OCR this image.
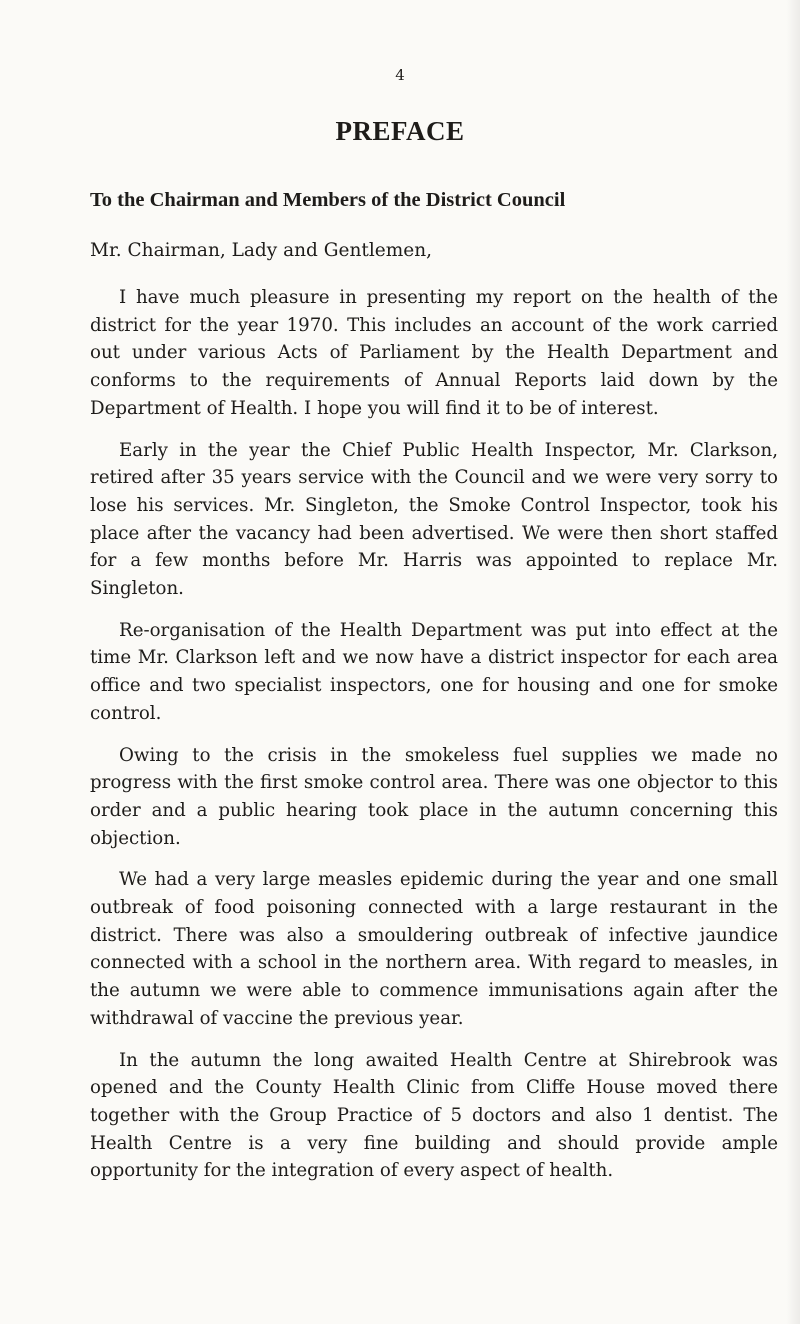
4
PREFACE

To the Chairman and Members of the District Council

Mr. Chairman, Lady and Gentlemen,

I have much pleasure in presenting my report on the health of the district for the year 1970. This includes an account of the work carried out under various Acts of Parliament by the Health Department and conforms to the requirements of Annual Reports laid down by the Department of Health. I hope you will find it to be of interest.

Early in the year the Chief Public Health Inspector, Mr. Clarkson, retired after 35 years service with the Council and we were very sorry to lose his services. Mr. Singleton, the Smoke Control Inspector, took his place after the vacancy had been advertised. We were then short staffed for a few months before Mr. Harris was appointed to replace Mr. Singleton.

Re-organisation of the Health Department was put into effect at the time Mr. Clarkson left and we now have a district inspector for each area office and two specialist inspectors, one for housing and one for smoke control.

Owing to the crisis in the smokeless fuel supplies we made no progress with the first smoke control area. There was one objector to this order and a public hearing took place in the autumn concerning this objection.

We had a very large measles epidemic during the year and one small outbreak of food poisoning connected with a large restaurant in the district. There was also a smouldering outbreak of infective jaundice connected with a school in the northern area. With regard to measles, in the autumn we were able to commence immunisations again after the withdrawal of vaccine the previous year.

In the autumn the long awaited Health Centre at Shirebrook was opened and the County Health Clinic from Cliffe House moved there together with the Group Practice of 5 doctors and also 1 dentist. The Health Centre is a very fine building and should provide ample opportunity for the integration of every aspect of health.
